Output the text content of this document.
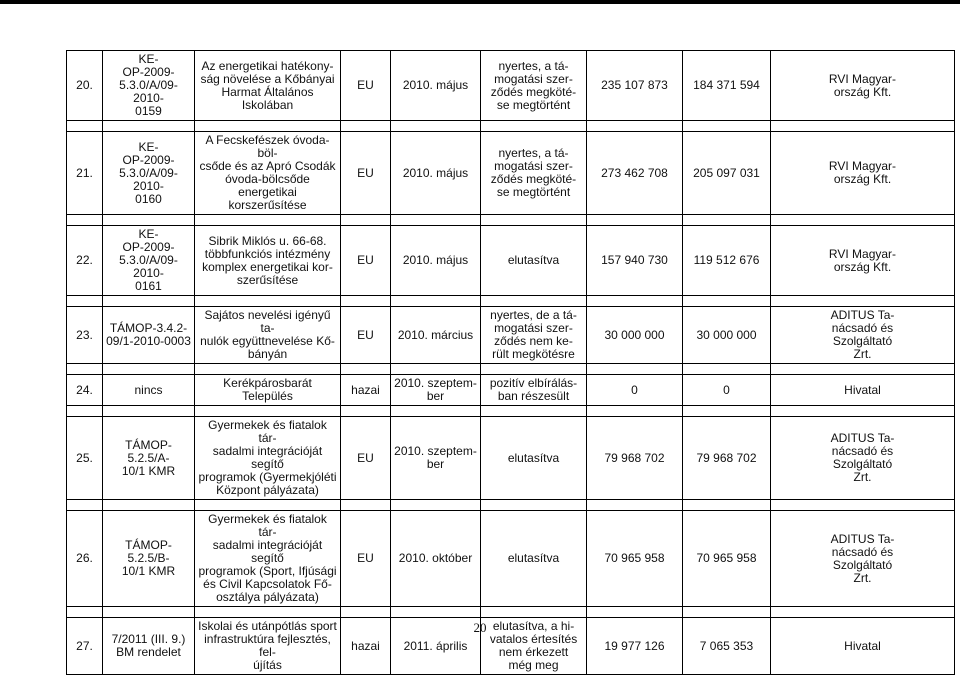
20.	KE-
OP-2009-
5.3.0/A/09-2010-
0159	Az energetikai hatékony-
ság növelése a Kőbányai
Harmat Általános Iskolában	EU	2010. május	nyertes, a tá-
mogatási szer-
ződés megköté-
se megtörtént	235 107 873	184 371 594	RVI Magyar-
ország Kft.

21.	KE-
OP-2009-
5.3.0/A/09-2010-
0160	A Fecskefészek óvoda-böl-
csőde és az Apró Csodák
óvoda-bölcsőde energetikai
korszerűsítése	EU	2010. május	nyertes, a tá-
mogatási szer-
ződés megköté-
se megtörtént	273 462 708	205 097 031	RVI Magyar-
ország Kft.

22.	KE-
OP-2009-
5.3.0/A/09-2010-
0161	Sibrik Miklós u. 66-68.
többfunkciós intézmény
komplex energetikai kor-
szerűsítése	EU	2010. május	elutasítva	157 940 730	119 512 676	RVI Magyar-
ország Kft.

23.	TÁMOP-3.4.2-
09/1-2010-0003	Sajátos nevelési igényű ta-
nulók együttnevelése Kő-
bányán	EU	2010. március	nyertes, de a tá-
mogatási szer-
ződés nem ke-
rült megkötésre	30 000 000	30 000 000	ADITUS Ta-
nácsadó és
Szolgáltató
Zrt.

24.	nincs	Kerékpárosbarát Település	hazai	2010. szeptem-
ber	pozitív elbírálás-
ban részesült	0	0	Hivatal

25.	TÁMOP-5.2.5/A-
10/1 KMR	Gyermekek és fiatalok tár-
sadalmi integrációját segítő
programok (Gyermekjóléti
Központ pályázata)	EU	2010. szeptem-
ber	elutasítva	79 968 702	79 968 702	ADITUS Ta-
nácsadó és
Szolgáltató
Zrt.

26.	TÁMOP-5.2.5/B-
10/1 KMR	Gyermekek és fiatalok tár-
sadalmi integrációját segítő
programok (Sport, Ifjúsági
és Civil Kapcsolatok Fő-
osztálya pályázata)	EU	2010. október	elutasítva	70 965 958	70 965 958	ADITUS Ta-
nácsadó és
Szolgáltató
Zrt.

27.	7/2011 (III. 9.)
BM rendelet	Iskolai és utánpótlás sport
infrastruktúra fejlesztés, fel-
újítás	hazai	2011. április	elutasítva, a hi-
vatalos értesítés
nem érkezett
még meg	19 977 126	7 065 353	Hivatal
20
